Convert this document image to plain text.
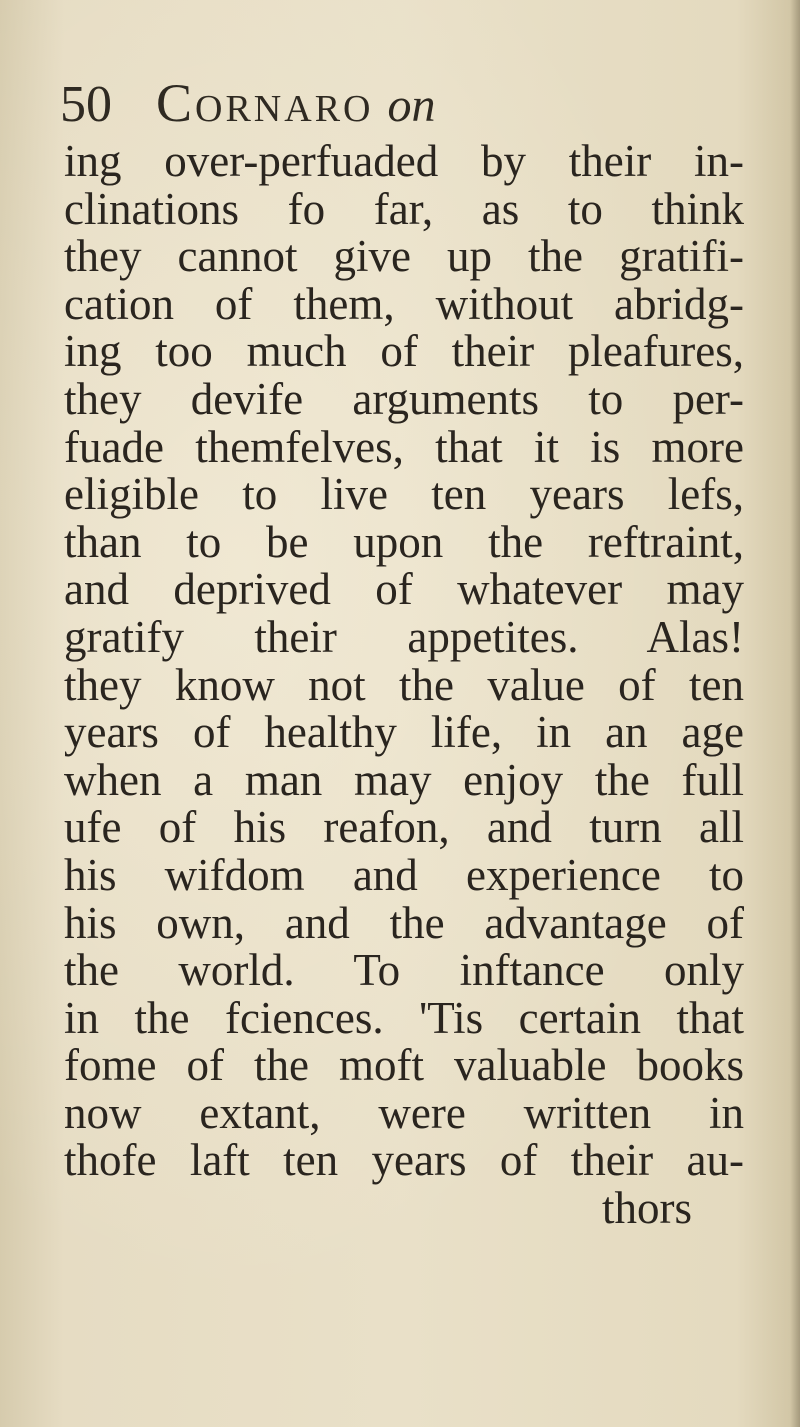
50 Cornaro on
ing over-perfuaded by their in-
clinations fo far, as to think
they cannot give up the gratifi-
cation of them, without abridg-
ing too much of their pleafures,
they devife arguments to per-
fuade themfelves, that it is more
eligible to live ten years lefs,
than to be upon the reftraint,
and deprived of whatever may
gratify their appetites. Alas!
they know not the value of ten
years of healthy life, in an age
when a man may enjoy the full
ufe of his reafon, and turn all
his wifdom and experience to
his own, and the advantage of
the world. To inftance only
in the fciences. 'Tis certain that
fome of the moft valuable books
now extant, were written in
thofe laft ten years of their au-
thors
